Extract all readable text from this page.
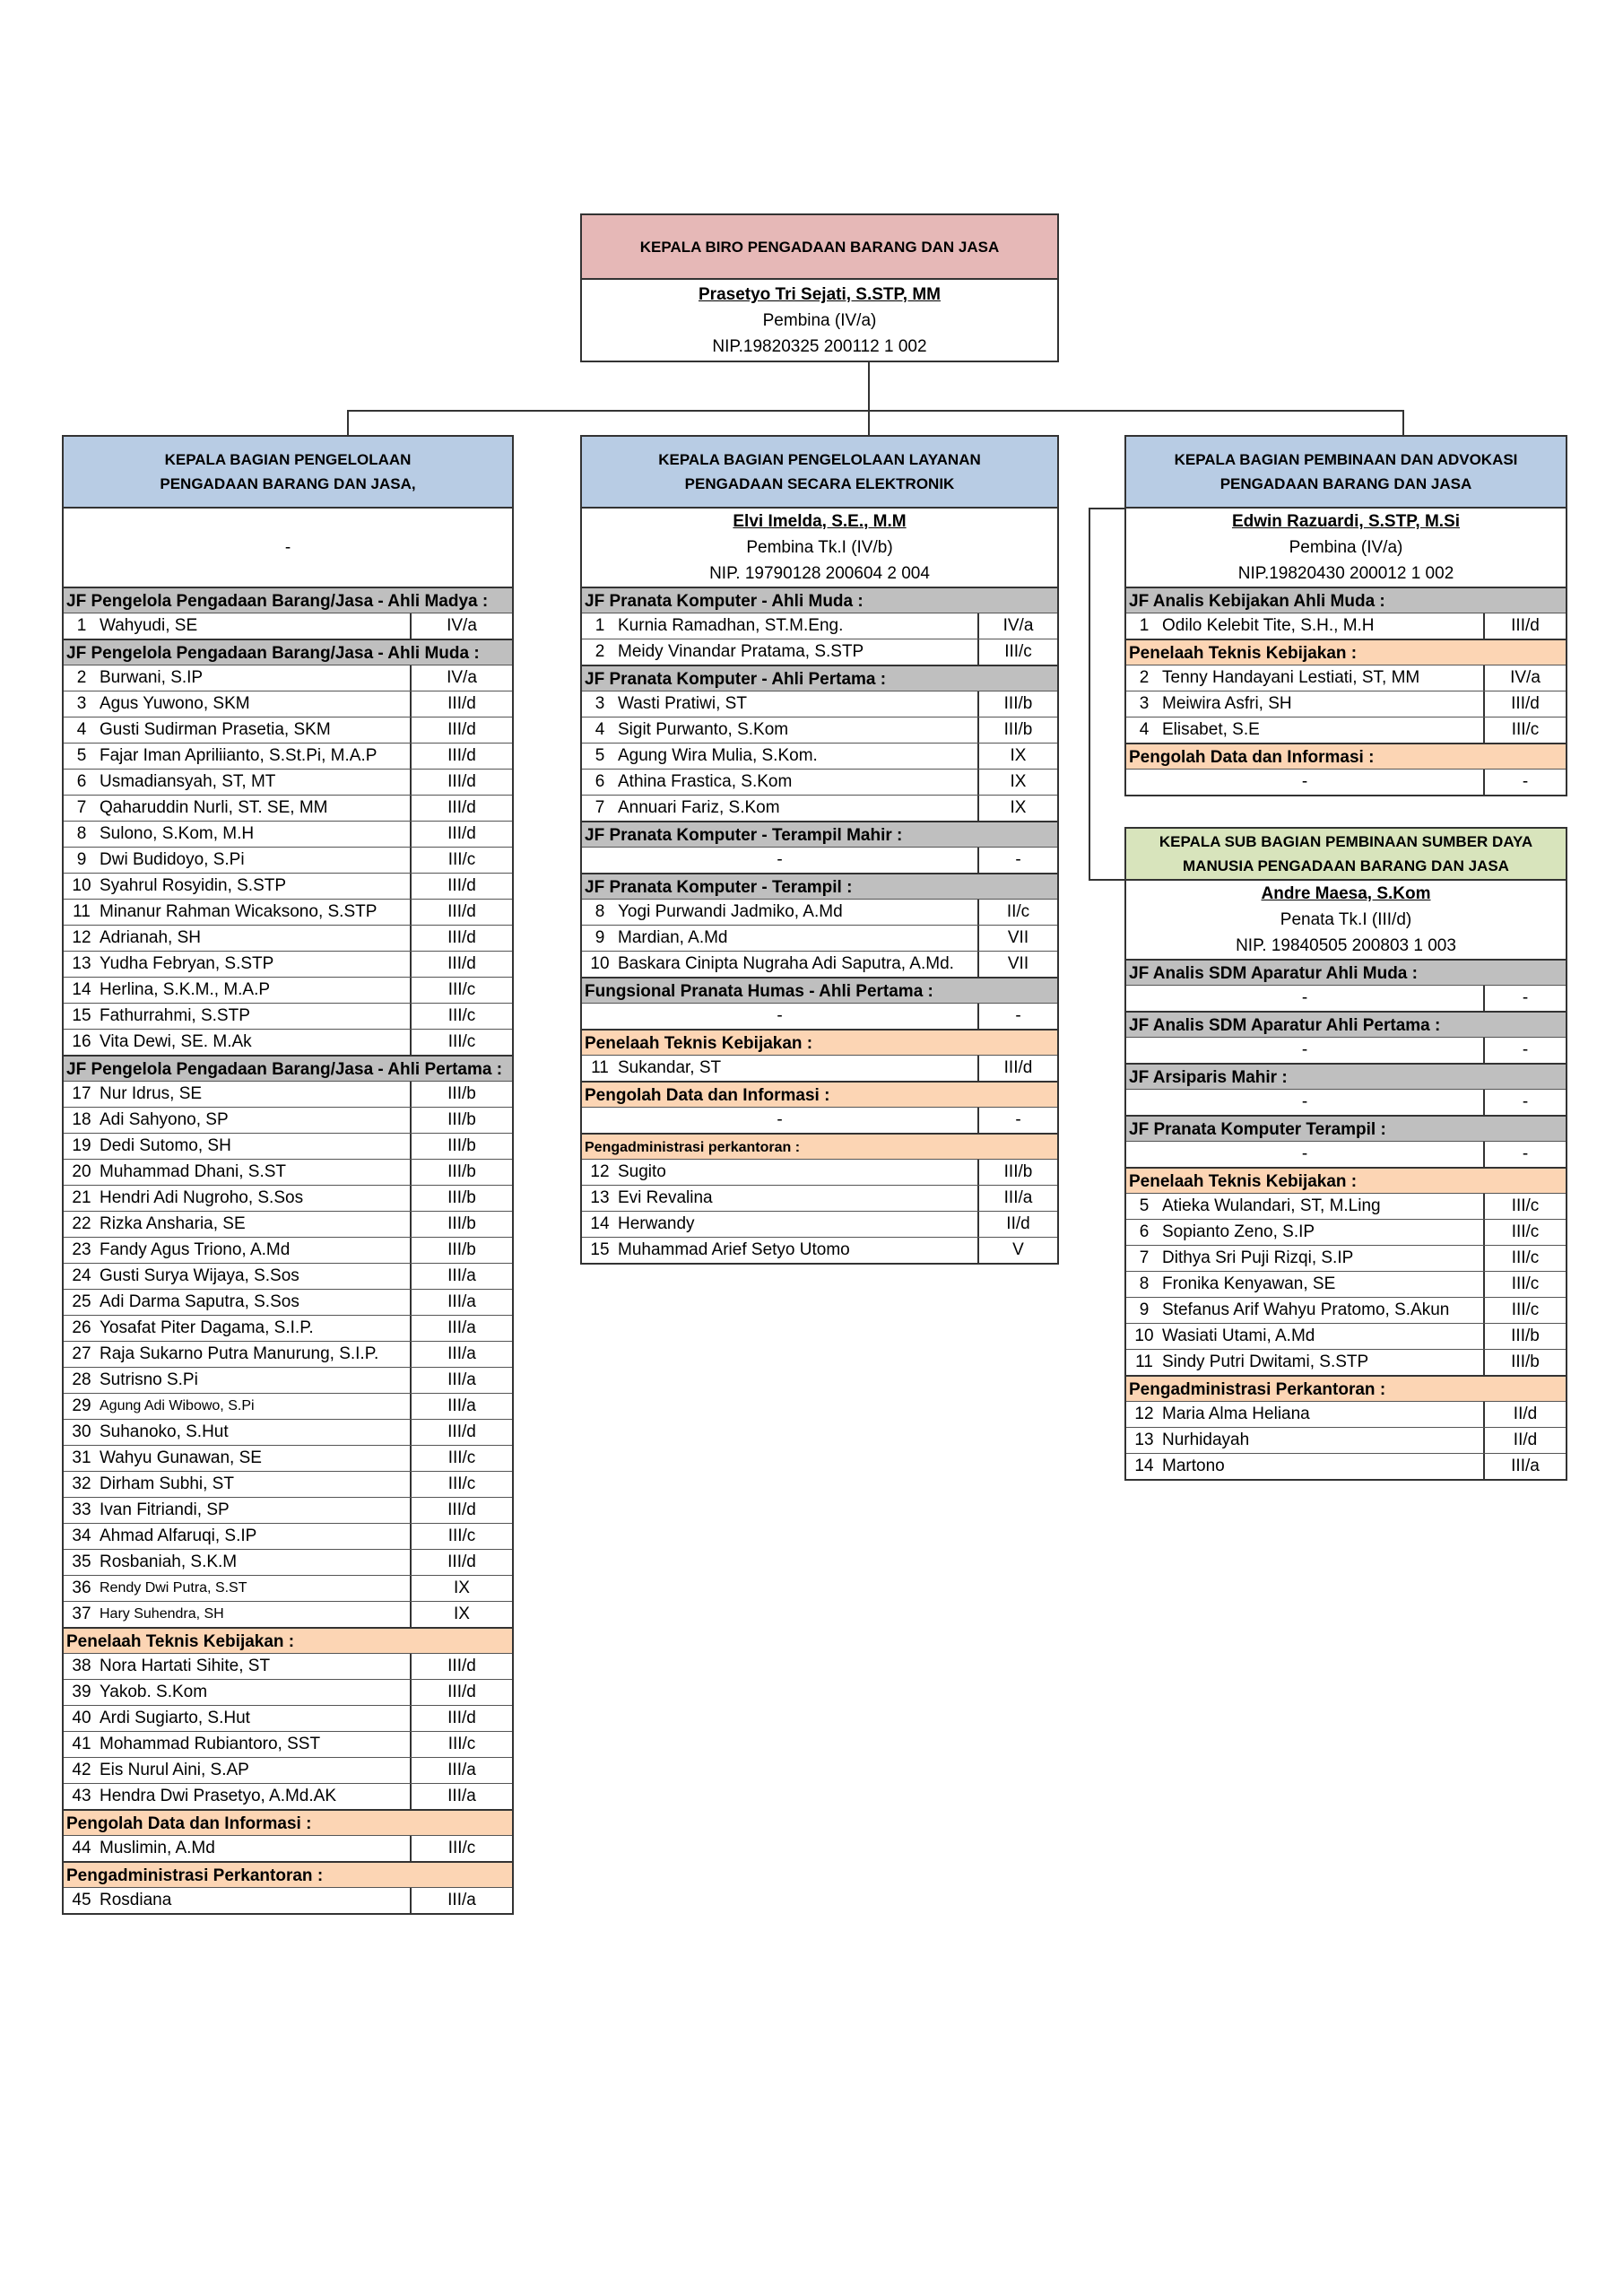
KEPALA BIRO PENGADAAN BARANG DAN JASA
Prasetyo Tri Sejati, S.STP, MM
Pembina (IV/a)
NIP.19820325 200112 1 002
KEPALA BAGIAN PENGELOLAAN
PENGADAAN BARANG DAN JASA,
-
JF Pengelola Pengadaan Barang/Jasa - Ahli Madya :
1 Wahyudi, SE	IV/a
JF Pengelola Pengadaan Barang/Jasa - Ahli Muda :
2 Burwani, S.IP	IV/a
3 Agus Yuwono, SKM	III/d
4 Gusti Sudirman Prasetia, SKM	III/d
5 Fajar Iman Apriliianto, S.St.Pi, M.A.P	III/d
6 Usmadiansyah, ST, MT	III/d
7 Qaharuddin Nurli, ST. SE, MM	III/d
8 Sulono, S.Kom, M.H	III/d
9 Dwi Budidoyo, S.Pi	III/c
10 Syahrul Rosyidin, S.STP	III/d
11 Minanur Rahman Wicaksono, S.STP	III/d
12 Adrianah, SH	III/d
13 Yudha Febryan, S.STP	III/d
14 Herlina, S.K.M., M.A.P	III/c
15 Fathurrahmi, S.STP	III/c
16 Vita Dewi, SE. M.Ak	III/c
JF Pengelola Pengadaan Barang/Jasa - Ahli Pertama :
17 Nur Idrus, SE	III/b
18 Adi Sahyono, SP	III/b
19 Dedi Sutomo, SH	III/b
20 Muhammad Dhani, S.ST	III/b
21 Hendri Adi Nugroho, S.Sos	III/b
22 Rizka Ansharia, SE	III/b
23 Fandy Agus Triono, A.Md	III/b
24 Gusti Surya Wijaya, S.Sos	III/a
25 Adi Darma Saputra, S.Sos	III/a
26 Yosafat Piter Dagama, S.I.P.	III/a
27 Raja Sukarno Putra Manurung, S.I.P.	III/a
28 Sutrisno S.Pi	III/a
29 Agung Adi Wibowo, S.Pi	III/a
30 Suhanoko, S.Hut	III/d
31 Wahyu Gunawan, SE	III/c
32 Dirham Subhi, ST	III/c
33 Ivan Fitriandi, SP	III/d
34 Ahmad Alfaruqi, S.IP	III/c
35 Rosbaniah, S.K.M	III/d
36 Rendy Dwi Putra, S.ST	IX
37 Hary Suhendra, SH	IX
Penelaah Teknis Kebijakan :
38 Nora Hartati Sihite, ST	III/d
39 Yakob. S.Kom	III/d
40 Ardi Sugiarto, S.Hut	III/d
41 Mohammad Rubiantoro, SST	III/c
42 Eis Nurul Aini, S.AP	III/a
43 Hendra Dwi Prasetyo, A.Md.AK	III/a
Pengolah Data dan Informasi :
44 Muslimin, A.Md	III/c
Pengadministrasi Perkantoran :
45 Rosdiana	III/a
KEPALA BAGIAN PENGELOLAAN LAYANAN
PENGADAAN SECARA ELEKTRONIK
Elvi Imelda, S.E., M.M
Pembina Tk.I (IV/b)
NIP. 19790128 200604 2 004
JF Pranata Komputer - Ahli Muda :
1 Kurnia Ramadhan, ST.M.Eng.	IV/a
2 Meidy Vinandar Pratama, S.STP	III/c
JF Pranata Komputer - Ahli Pertama :
3 Wasti Pratiwi, ST	III/b
4 Sigit Purwanto, S.Kom	III/b
5 Agung Wira Mulia, S.Kom.	IX
6 Athina Frastica, S.Kom	IX
7 Annuari Fariz, S.Kom	IX
JF Pranata Komputer - Terampil Mahir :
-	-
JF Pranata Komputer - Terampil :
8 Yogi Purwandi Jadmiko, A.Md	II/c
9 Mardian, A.Md	VII
10 Baskara Cinipta Nugraha Adi Saputra, A.Md.	VII
Fungsional Pranata Humas - Ahli Pertama :
-	-
Penelaah Teknis Kebijakan :
11 Sukandar, ST	III/d
Pengolah Data dan Informasi :
-	-
Pengadministrasi perkantoran :
12 Sugito	III/b
13 Evi Revalina	III/a
14 Herwandy	II/d
15 Muhammad Arief Setyo Utomo	V
KEPALA BAGIAN PEMBINAAN DAN ADVOKASI
PENGADAAN BARANG DAN JASA
Edwin Razuardi, S.STP, M.Si
Pembina (IV/a)
NIP.19820430 200012 1 002
JF Analis Kebijakan Ahli Muda :
1 Odilo Kelebit Tite, S.H., M.H	III/d
Penelaah Teknis Kebijakan :
2 Tenny Handayani Lestiati, ST, MM	IV/a
3 Meiwira Asfri, SH	III/d
4 Elisabet, S.E	III/c
Pengolah Data dan Informasi :
-	-
KEPALA SUB BAGIAN PEMBINAAN SUMBER DAYA
MANUSIA PENGADAAN BARANG DAN JASA
Andre Maesa, S.Kom
Penata Tk.I (III/d)
NIP. 19840505 200803 1 003
JF Analis SDM Aparatur Ahli Muda :
-	-
JF Analis SDM Aparatur Ahli Pertama :
-	-
JF Arsiparis Mahir :
-	-
JF Pranata Komputer Terampil :
-	-
Penelaah Teknis Kebijakan :
5 Atieka Wulandari, ST, M.Ling	III/c
6 Sopianto Zeno, S.IP	III/c
7 Dithya Sri Puji Rizqi, S.IP	III/c
8 Fronika Kenyawan, SE	III/c
9 Stefanus Arif Wahyu Pratomo, S.Akun	III/c
10 Wasiati Utami, A.Md	III/b
11 Sindy Putri Dwitami, S.STP	III/b
Pengadministrasi Perkantoran :
12 Maria Alma Heliana	II/d
13 Nurhidayah	II/d
14 Martono	III/a
